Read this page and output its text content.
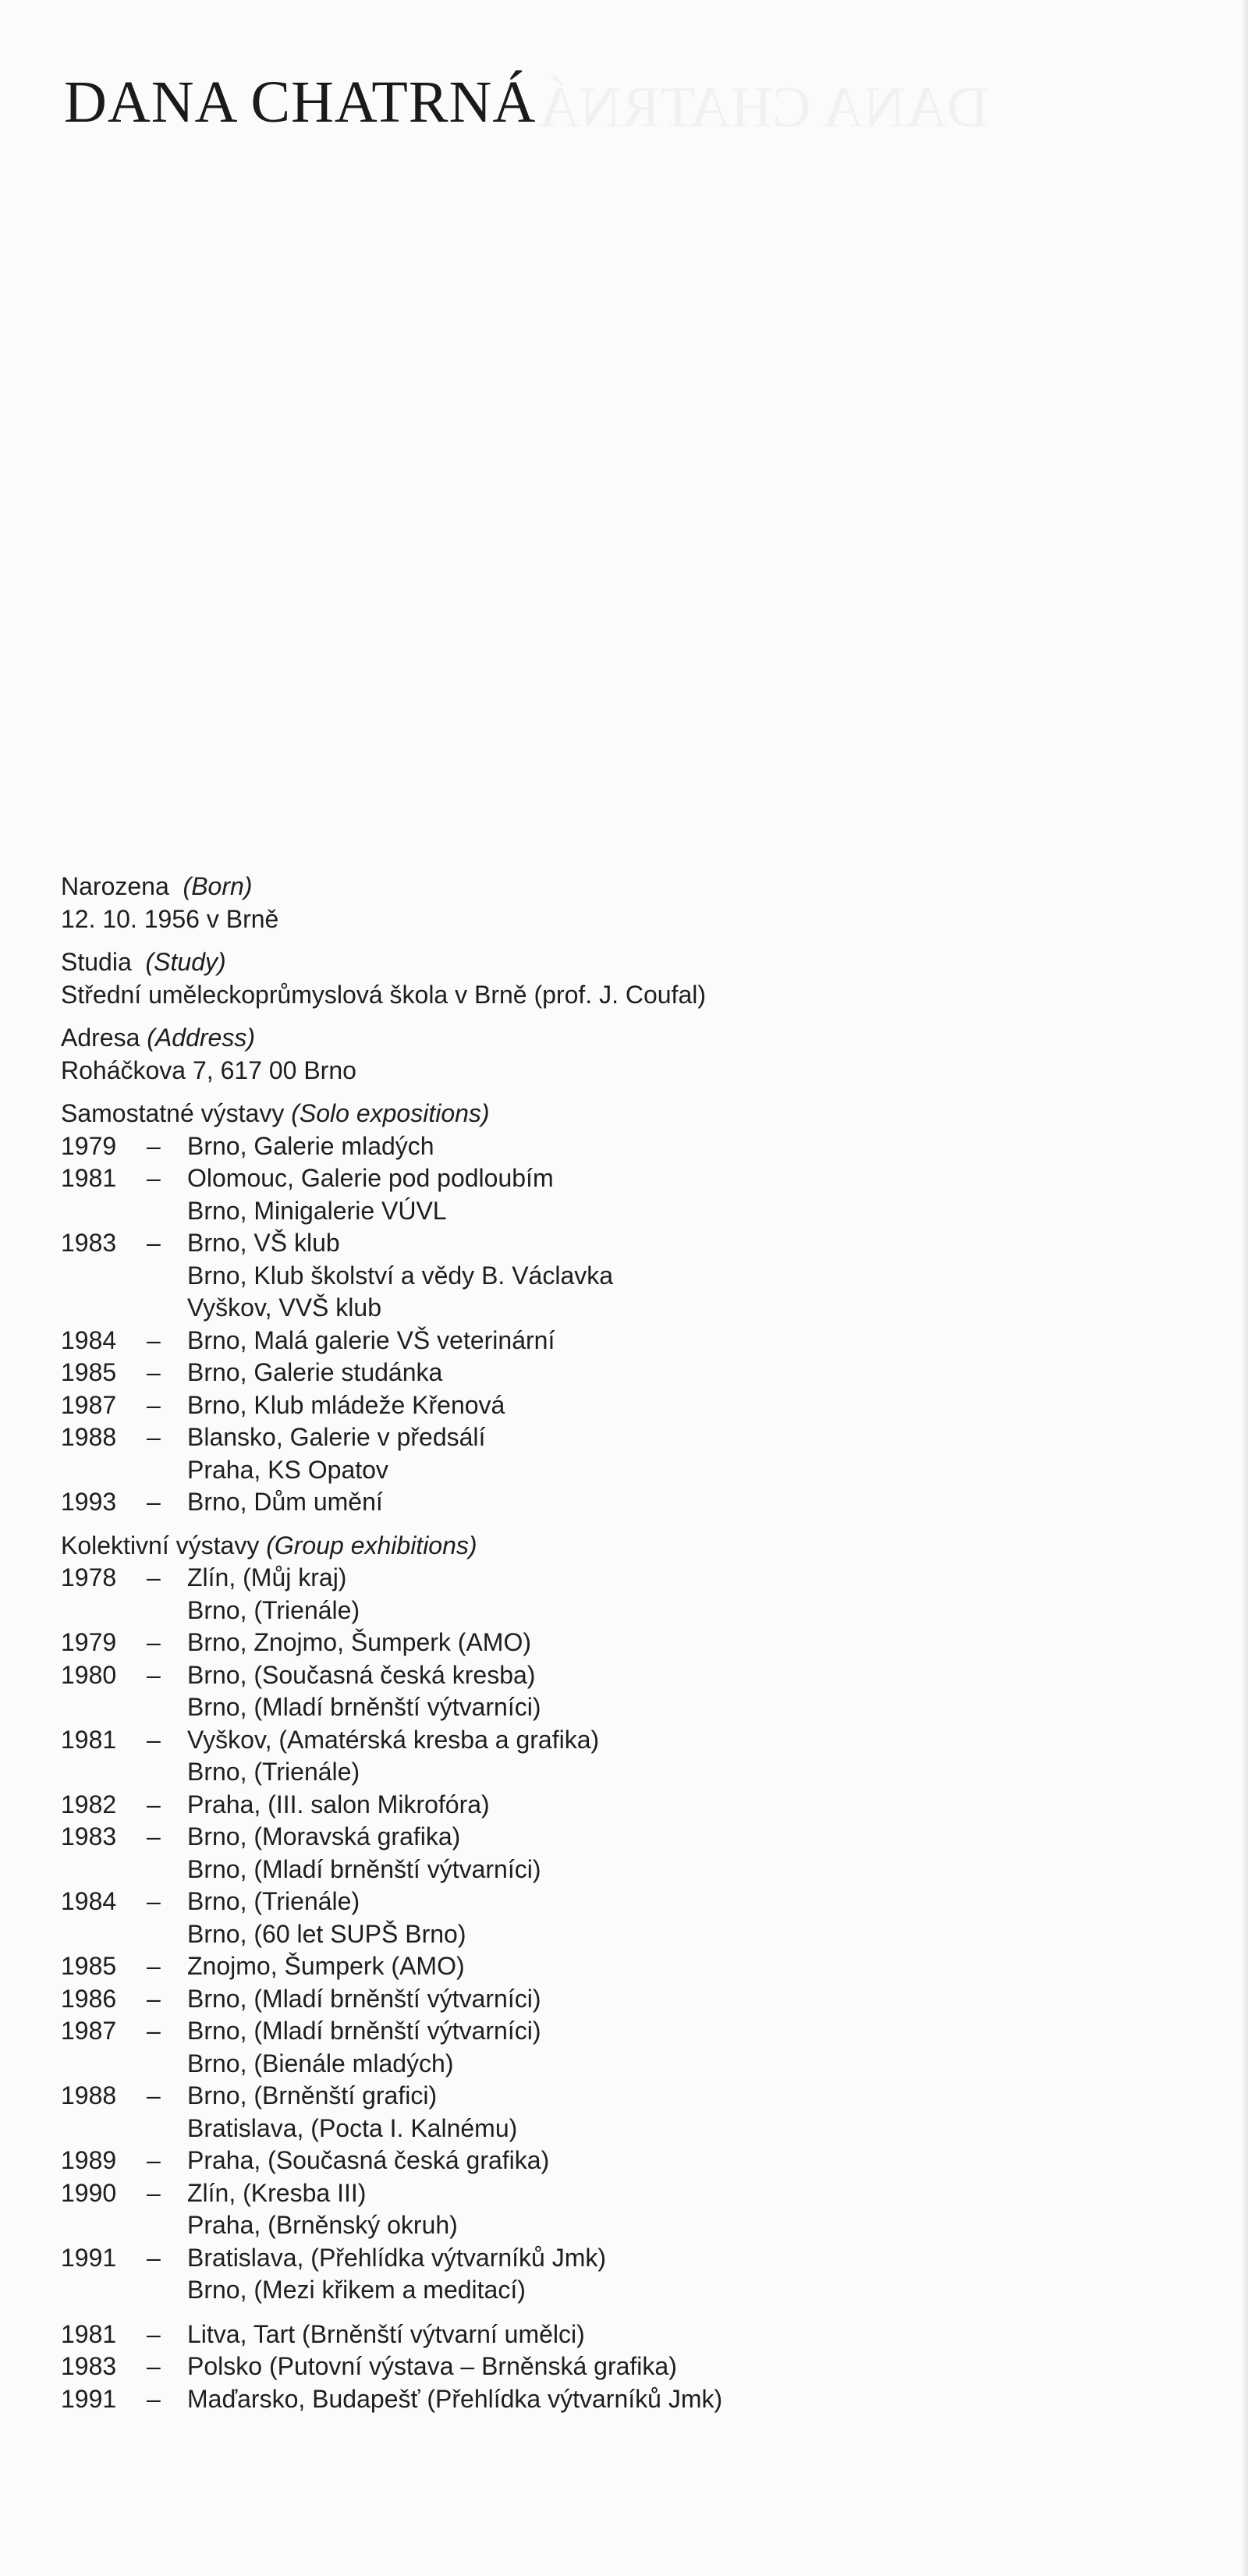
DANA CHATRNÁ
Narozena (Born)
12. 10. 1956 v Brně
Studia (Study)
Střední uměleckoprůmyslová škola v Brně (prof. J. Coufal)
Adresa (Address)
Roháčkova 7, 617 00 Brno
Samostatné výstavy (Solo expositions)
1979	–	Brno, Galerie mladých
1981	–	Olomouc, Galerie pod podloubím
Brno, Minigalerie VÚVL
1983	–	Brno, VŠ klub
Brno, Klub školství a vědy B. Václavka
Vyškov, VVŠ klub
1984	–	Brno, Malá galerie VŠ veterinární
1985	–	Brno, Galerie studánka
1987	–	Brno, Klub mládeže Křenová
1988	–	Blansko, Galerie v předsálí
Praha, KS Opatov
1993	–	Brno, Dům umění
Kolektivní výstavy (Group exhibitions)
1978	–	Zlín, (Můj kraj)
Brno, (Trienále)
1979	–	Brno, Znojmo, Šumperk (AMO)
1980	–	Brno, (Současná česká kresba)
Brno, (Mladí brněnští výtvarníci)
1981	–	Vyškov, (Amatérská kresba a grafika)
Brno, (Trienále)
1982	–	Praha, (III. salon Mikrofóra)
1983	–	Brno, (Moravská grafika)
Brno, (Mladí brněnští výtvarníci)
1984	–	Brno, (Trienále)
Brno, (60 let SUPŠ Brno)
1985	–	Znojmo, Šumperk (AMO)
1986	–	Brno, (Mladí brněnští výtvarníci)
1987	–	Brno, (Mladí brněnští výtvarníci)
Brno, (Bienále mladých)
1988	–	Brno, (Brněnští grafici)
Bratislava, (Pocta I. Kalnému)
1989	–	Praha, (Současná česká grafika)
1990	–	Zlín, (Kresba III)
Praha, (Brněnský okruh)
1991	–	Bratislava, (Přehlídka výtvarníků Jmk)
Brno, (Mezi křikem a meditací)
1981	–	Litva, Tart (Brněnští výtvarní umělci)
1983	–	Polsko (Putovní výstava – Brněnská grafika)
1991	–	Maďarsko, Budapešť (Přehlídka výtvarníků Jmk)
